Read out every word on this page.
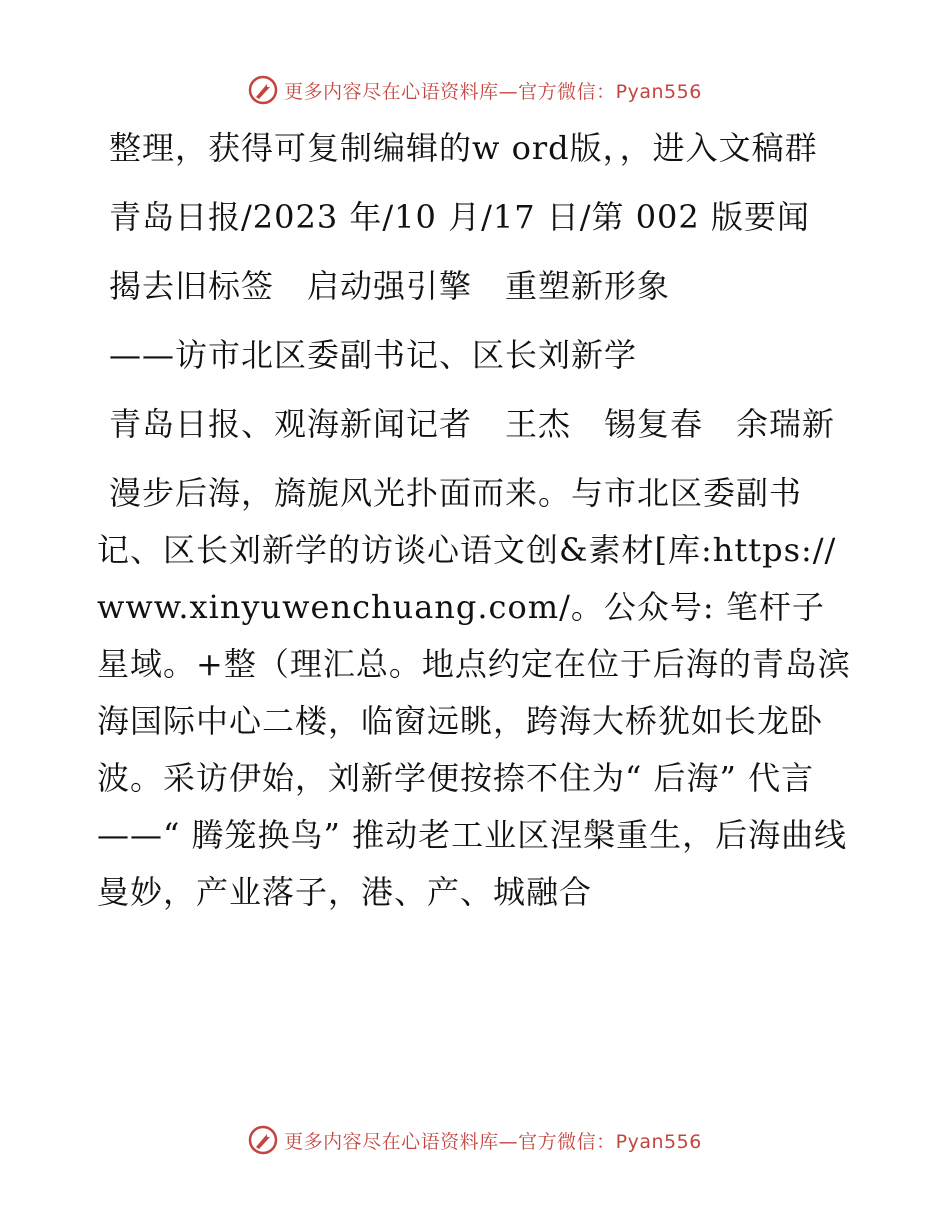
更多内容尽在心语资料库—官方微信：Pyan556

整理，获得可复制编辑的w ord版，，进入文稿群

青岛日报/2023 年/10 月/17 日/第 002 版要闻

揭去旧标签　启动强引擎　重塑新形象

——访市北区委副书记、区长刘新学

青岛日报、观海新闻记者　王杰　锡复春　余瑞新

漫步后海，旖旎风光扑面而来。与市北区委副书记、区长刘新学的访谈心语文创&素材[库:https://www.xinyuwenchuang.com/。公众号: 笔杆子星域。+整（理汇总。地点约定在位于后海的青岛滨海国际中心二楼，临窗远眺，跨海大桥犹如长龙卧波。采访伊始，刘新学便按捺不住为“ 后海” 代言——“ 腾笼换鸟” 推动老工业区涅槃重生，后海曲线曼妙，产业落子，港、产、城融合

更多内容尽在心语资料库—官方微信：Pyan556
